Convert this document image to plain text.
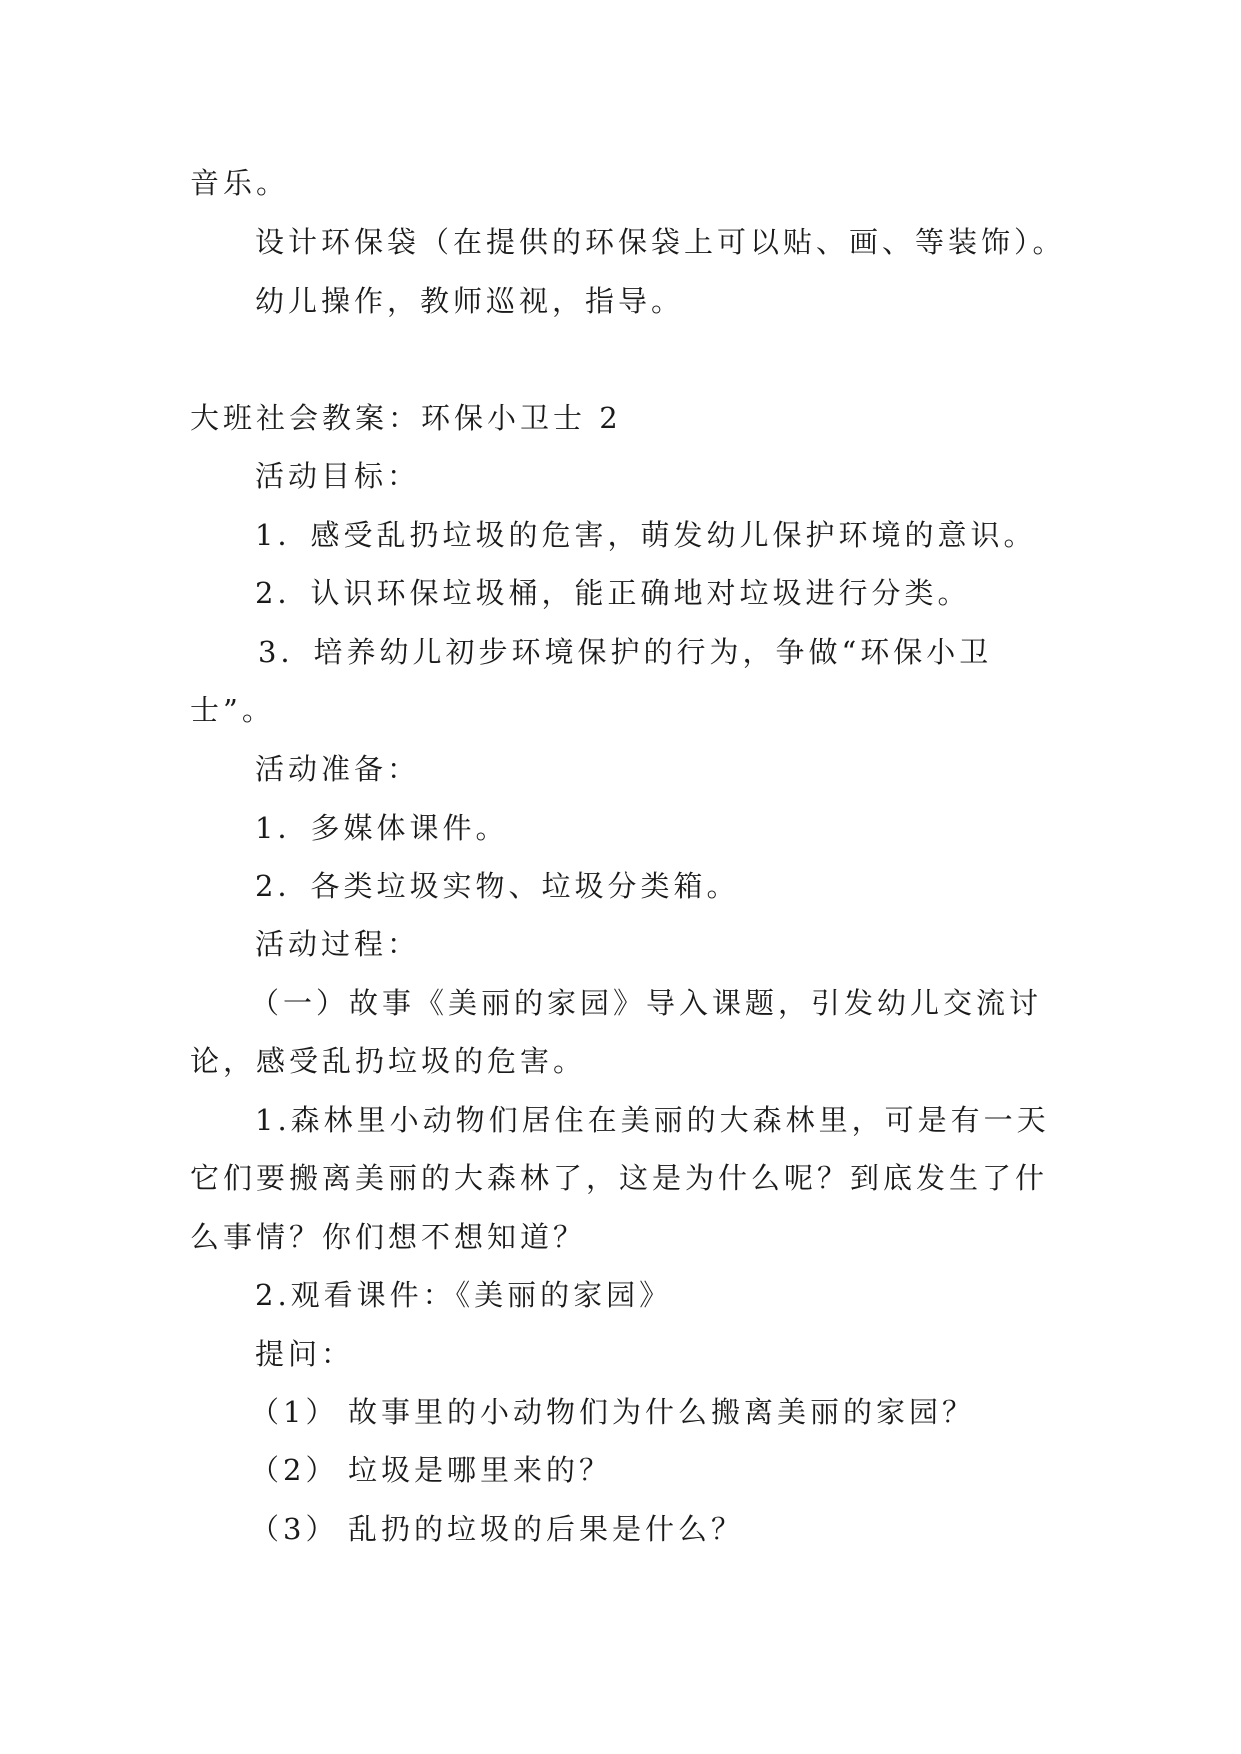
音乐。
设计环保袋（在提供的环保袋上可以贴、画、等装饰）。
幼儿操作，教师巡视，指导。
大班社会教案：环保小卫士 2
活动目标：
1．感受乱扔垃圾的危害，萌发幼儿保护环境的意识。
2．认识环保垃圾桶，能正确地对垃圾进行分类。
3．培养幼儿初步环境保护的行为，争做“环保小卫
士”。
活动准备：
1．多媒体课件。
2．各类垃圾实物、垃圾分类箱。
活动过程：
（一）故事《美丽的家园》导入课题，引发幼儿交流讨
论，感受乱扔垃圾的危害。
1.森林里小动物们居住在美丽的大森林里，可是有一天
它们要搬离美丽的大森林了，这是为什么呢？到底发生了什
么事情？你们想不想知道？
2.观看课件：《美丽的家园》
提问：
（1） 故事里的小动物们为什么搬离美丽的家园？
（2） 垃圾是哪里来的？
（3） 乱扔的垃圾的后果是什么？
